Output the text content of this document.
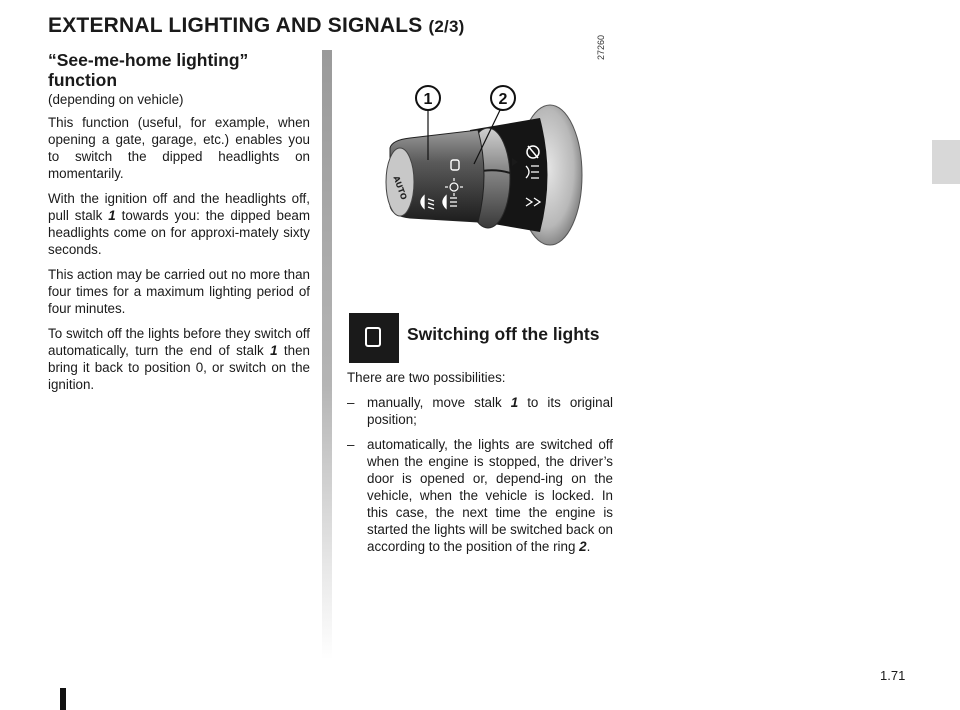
EXTERNAL LIGHTING AND SIGNALS (2/3)
“See-me-home lighting” function
(depending on vehicle)

This function (useful, for example, when opening a gate, garage, etc.) enables you to switch the dipped headlights on momentarily.

With the ignition off and the headlights off, pull stalk 1 towards you: the dipped beam headlights come on for approxi-mately sixty seconds.

This action may be carried out no more than four times for a maximum lighting period of four minutes.

To switch off the lights before they switch off automatically, turn the end of stalk 1 then bring it back to position 0, or switch on the ignition.

27260
AUTO
1	2
Switching off the lights

There are two possibilities:

– manually, move stalk 1 to its original position;
– automatically, the lights are switched off when the engine is stopped, the driver’s door is opened or, depend-ing on the vehicle, when the vehicle is locked. In this case, the next time the engine is started the lights will be switched back on according to the position of the ring 2.
1.71
